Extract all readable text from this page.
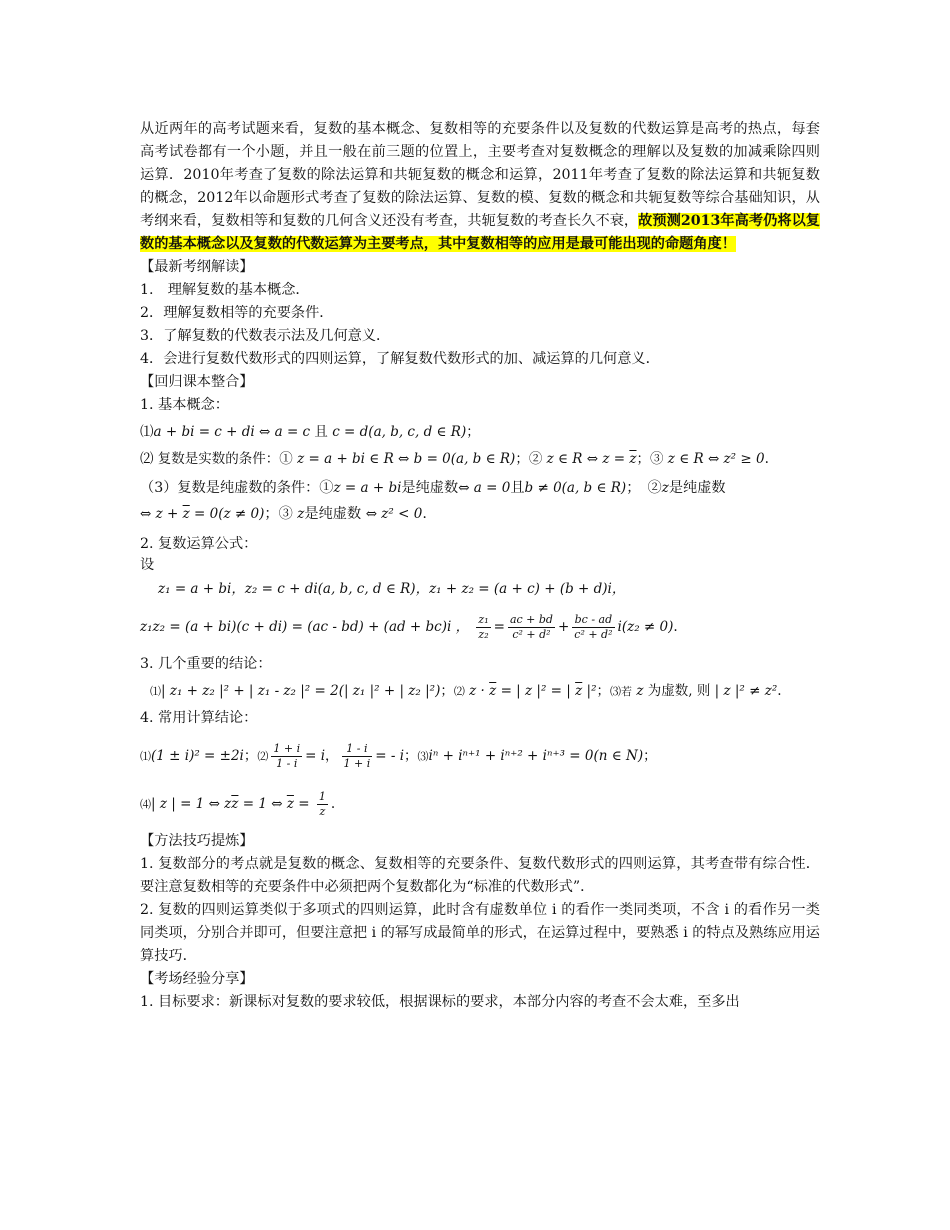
从近两年的高考试题来看，复数的基本概念、复数相等的充要条件以及复数的代数运算是高考的热点，每套高考试卷都有一个小题，并且一般在前三题的位置上，主要考查对复数概念的理解以及复数的加减乘除四则运算．2010年考查了复数的除法运算和共轭复数的概念和运算，2011年考查了复数的除法运算和共轭复数的概念，2012年以命题形式考查了复数的除法运算、复数的模、复数的概念和共轭复数等综合基础知识，从考纲来看，复数相等和复数的几何含义还没有考查，共轭复数的考查长久不衰，故预测2013年高考仍将以复数的基本概念以及复数的代数运算为主要考点，其中复数相等的应用是最可能出现的命题角度！
【最新考纲解读】
1.　理解复数的基本概念．
2．理解复数相等的充要条件．
3．了解复数的代数表示法及几何意义．
4．会进行复数代数形式的四则运算，了解复数代数形式的加、减运算的几何意义．
【回归课本整合】
1. 基本概念：
⑴a + bi = c + di ⇔ a = c 且 c = d(a, b, c, d ∈ R)；
⑵ 复数是实数的条件：① z = a + bi ∈ R ⇔ b = 0(a, b ∈ R)；② z ∈ R ⇔ $z = \overline{z}$；③ z ∈ R ⇔ z² ≥ 0.
（3）复数是纯虚数的条件：①z = a + bi是纯虚数⇔ a = 0且b ≠ 0(a, b ∈ R)；　 ②z是纯虚数
⇔ $z + \overline{z} = 0(z \ne 0)$；③ z是纯虚数 ⇔ z² < 0.
2. 复数运算公式：
设
z₁ = a + bi，z₂ = c + di(a, b, c, d ∈ R)，z₁ + z₂ = (a + c) + (b + d)i，
z₁z₂ = (a + bi)(c + di) = (ac - bd) + (ad + bc)i ， $\frac{\text{z₁}}{\text{z₂}} = \frac{ac + bd}{\text{c² + d²}} + \frac{bc - ad}{\text{c² + d²}} i(z_2 \ne 0)$.
3. 几个重要的结论：
⑴| z₁ + z₂ |² + | z₁ - z₂ |² = 2(| z₁ |² + | z₂ |²)；⑵ $z \cdot \overline{z}$ = | z |² = | $\overline{z}$ |²；⑶若 z 为虚数, 则 | z |² ≠ z².
4. 常用计算结论：
⑴(1 ± i)² = ±2i；⑵ $\frac{1 + i}{1 - i} = i$， $\frac{1 - i}{1 + i}$ = - i；⑶iⁿ + iⁿ⁺¹ + iⁿ⁺² + iⁿ⁺³ = 0(n ∈ N)；
⑷| z | = 1 ⇔ $z\overline{z} = 1$ ⇔ $\overline{z} = \frac{1}{z}$ .
【方法技巧提炼】
1. 复数部分的考点就是复数的概念、复数相等的充要条件、复数代数形式的四则运算，其考查带有综合性．要注意复数相等的充要条件中必须把两个复数都化为“标准的代数形式”．
2. 复数的四则运算类似于多项式的四则运算，此时含有虚数单位 i 的看作一类同类项，不含 i 的看作另一类同类项，分别合并即可，但要注意把 i 的幂写成最简单的形式，在运算过程中，要熟悉 i 的特点及熟练应用运算技巧．
【考场经验分享】
1. 目标要求：新课标对复数的要求较低，根据课标的要求，本部分内容的考查不会太难，至多出
